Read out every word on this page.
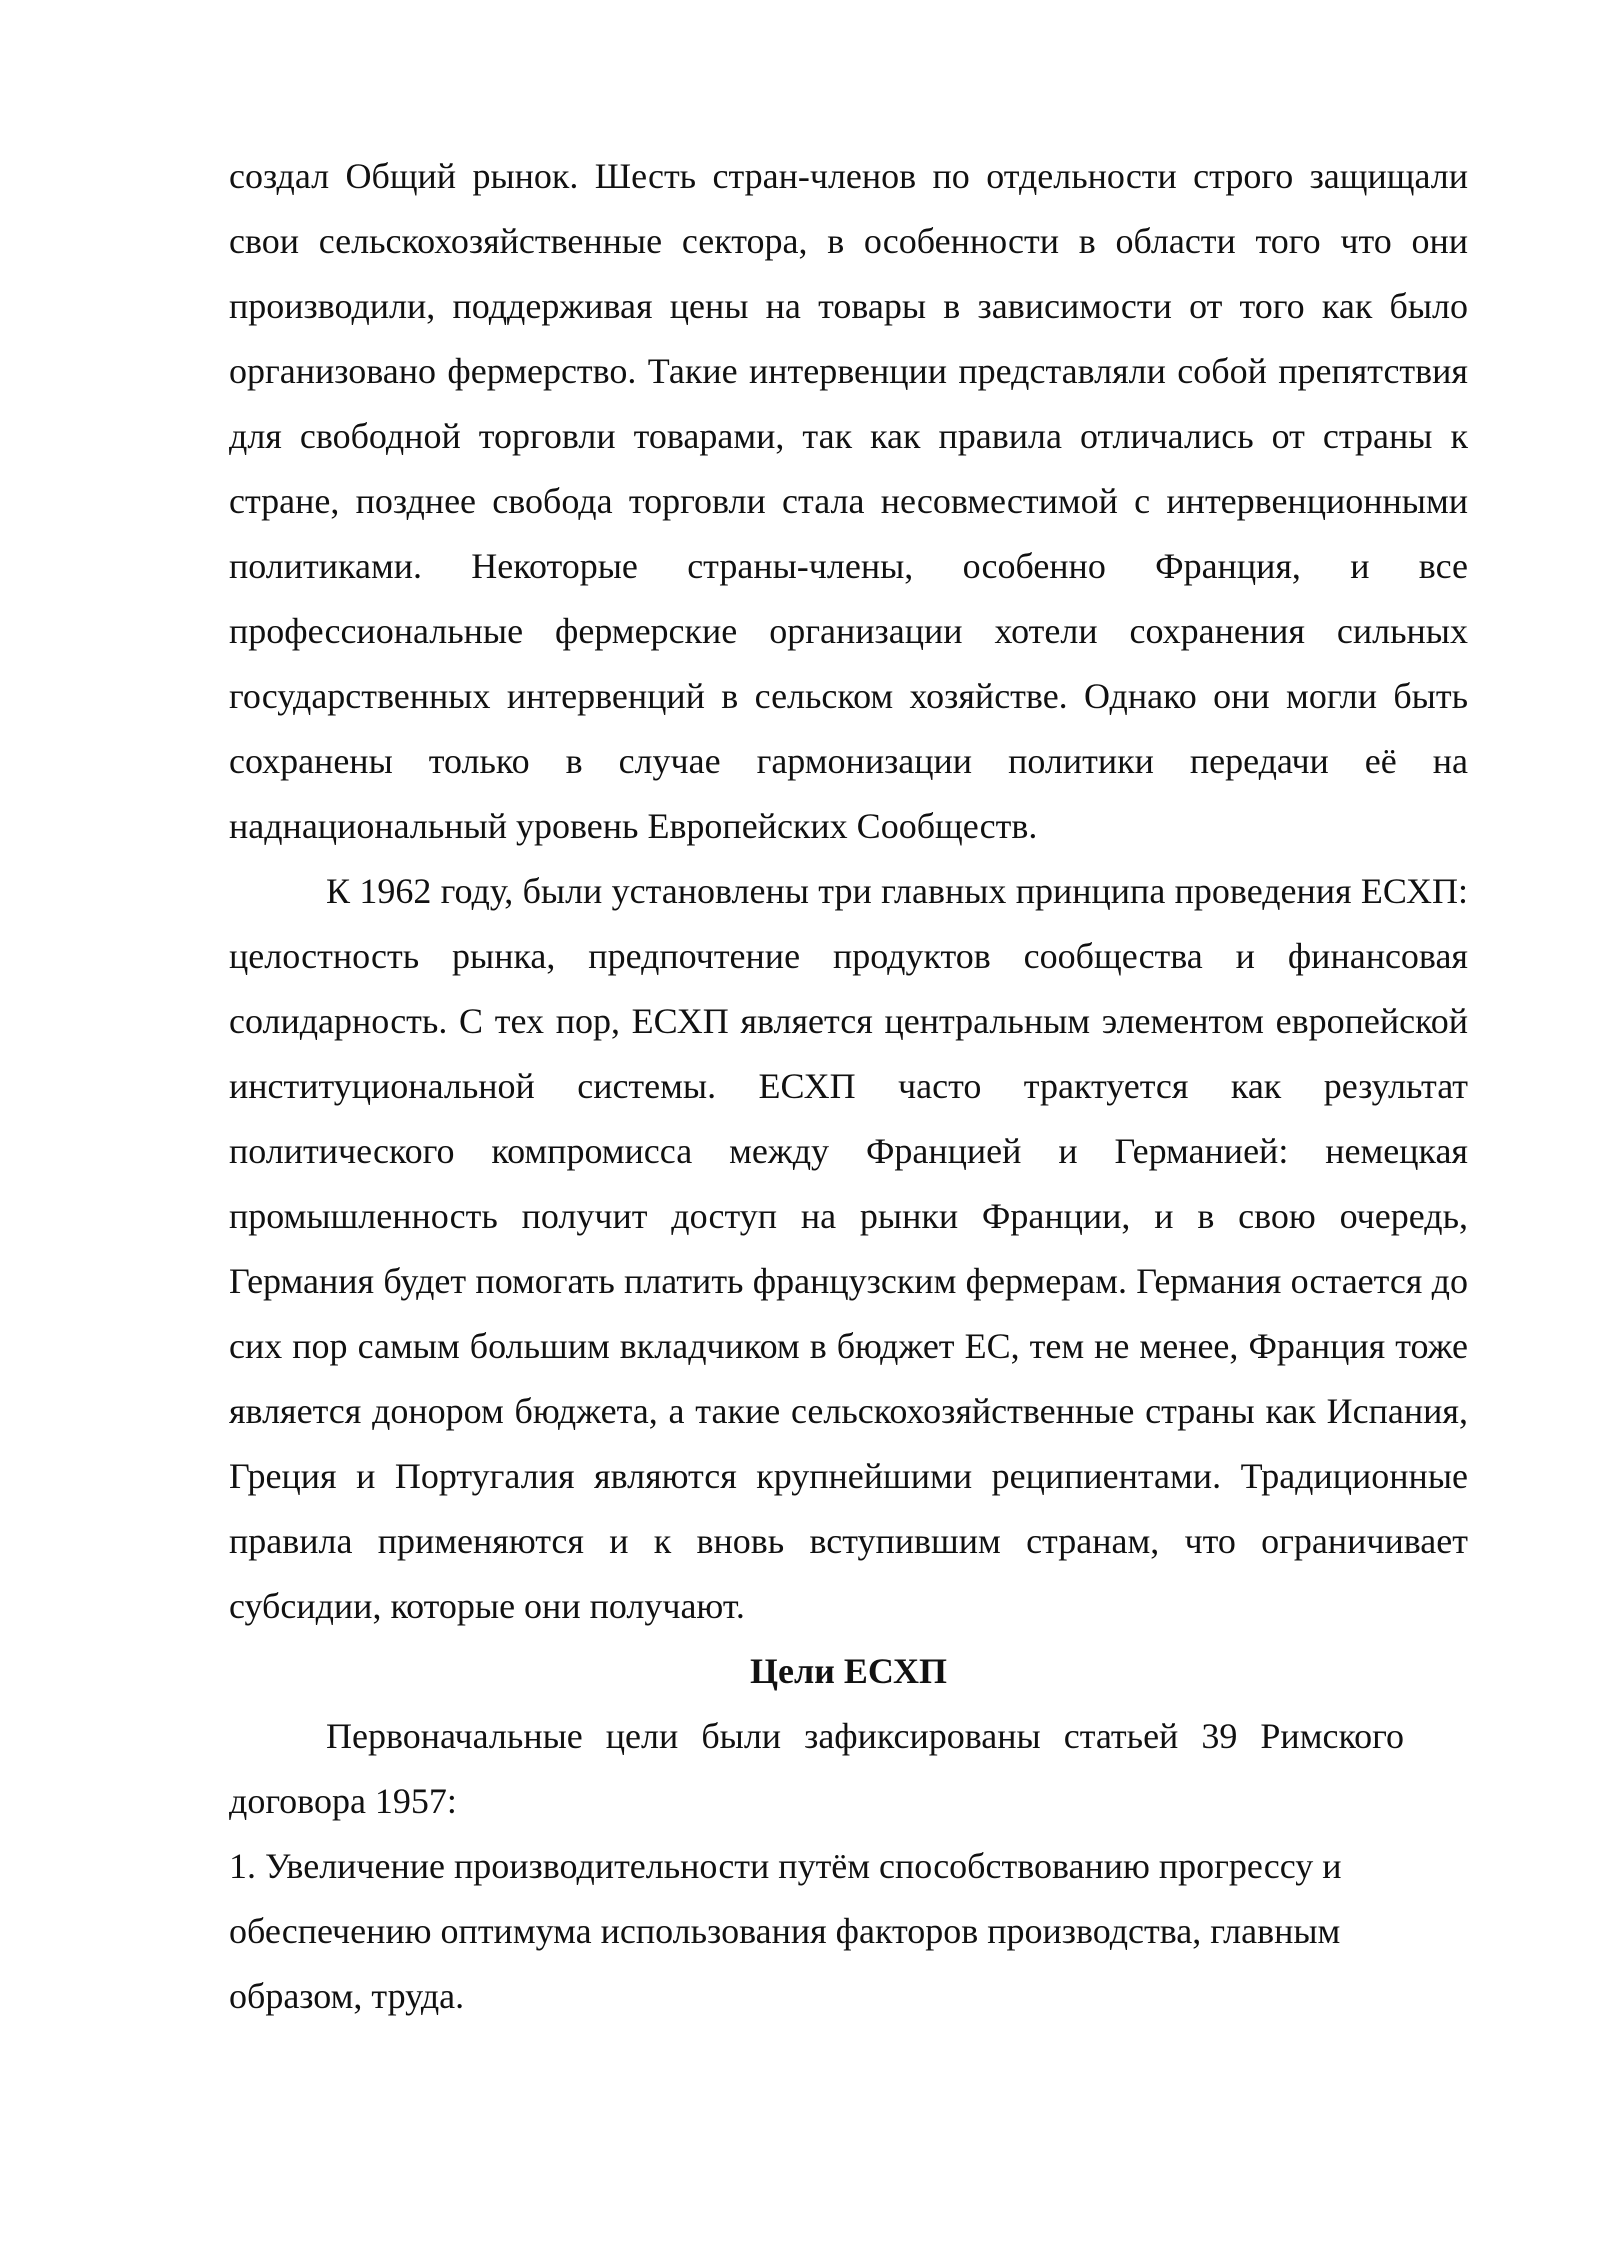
создал Общий рынок. Шесть стран-членов по отдельности строго защищали свои сельскохозяйственные сектора, в особенности в области того что они производили, поддерживая цены на товары в зависимости от того как было организовано фермерство. Такие интервенции представляли собой препятствия для свободной торговли товарами, так как правила отличались от страны к стране, позднее свобода торговли стала несовместимой с интервенционными политиками. Некоторые страны-члены, особенно Франция, и все профессиональные фермерские организации хотели сохранения сильных государственных интервенций в сельском хозяйстве. Однако они могли быть сохранены только в случае гармонизации политики передачи её на наднациональный уровень Европейских Сообществ.

К 1962 году, были установлены три главных принципа проведения ЕСХП: целостность рынка, предпочтение продуктов сообщества и финансовая солидарность. С тех пор, ЕСХП является центральным элементом европейской институциональной системы. ЕСХП часто трактуется как результат политического компромисса между Францией и Германией: немецкая промышленность получит доступ на рынки Франции, и в свою очередь, Германия будет помогать платить французским фермерам. Германия остается до сих пор самым большим вкладчиком в бюджет ЕС, тем не менее, Франция тоже является донором бюджета, а такие сельскохозяйственные страны как Испания, Греция и Португалия являются крупнейшими реципиентами. Традиционные правила применяются и к вновь вступившим странам, что ограничивает субсидии, которые они получают.

Цели ЕСХП

Первоначальные цели были зафиксированы статьей 39 Римского договора 1957:

1. Увеличение производительности путём способствованию прогрессу и обеспечению оптимума использования факторов производства, главным образом, труда.
